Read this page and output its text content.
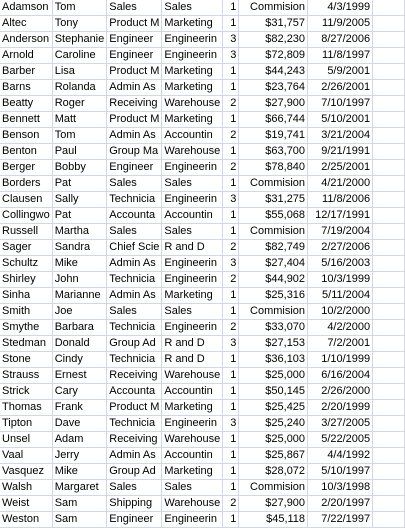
Adamson	Tom	Sales	Sales	1	Commision	4/3/1999	
Altec	Tony	Product M	Marketing	1	$31,757	11/9/2005	
Anderson	Stephanie	Engineer	Engineerin	3	$82,230	8/27/2006	
Arnold	Caroline	Engineer	Engineerin	3	$72,809	11/8/1997	
Barber	Lisa	Product M	Marketing	1	$44,243	5/9/2001	
Barns	Rolanda	Admin As	Marketing	1	$23,764	2/26/2001	
Beatty	Roger	Receiving	Warehouse	2	$27,900	7/10/1997	
Bennett	Matt	Product M	Marketing	1	$66,744	5/10/2001	
Benson	Tom	Admin As	Accountin	2	$19,741	3/21/2004	
Benton	Paul	Group Ma	Warehouse	1	$63,700	9/21/1991	
Berger	Bobby	Engineer	Engineerin	2	$78,840	2/25/2001	
Borders	Pat	Sales	Sales	1	Commision	4/21/2000	
Clausen	Sally	Technicia	Engineerin	3	$31,275	11/8/2006	
Collingwo	Pat	Accounta	Accountin	1	$55,068	12/17/1991	
Russell	Martha	Sales	Sales	1	Commision	7/19/2004	
Sager	Sandra	Chief Scie	R and D	2	$82,749	2/27/2006	
Schultz	Mike	Admin As	Engineerin	3	$27,404	5/16/2003	
Shirley	John	Technicia	Engineerin	2	$44,902	10/3/1999	
Sinha	Marianne	Admin As	Marketing	1	$25,316	5/11/2004	
Smith	Joe	Sales	Sales	1	Commision	10/2/2000	
Smythe	Barbara	Technicia	Engineerin	2	$33,070	4/2/2000	
Stedman	Donald	Group Ad	R and D	3	$27,153	7/2/2001	
Stone	Cindy	Technicia	R and D	1	$36,103	1/10/1999	
Strauss	Ernest	Receiving	Warehouse	1	$25,000	6/16/2004	
Strick	Cary	Accounta	Accountin	1	$50,145	2/26/2000	
Thomas	Frank	Product M	Marketing	1	$25,425	2/20/1999	
Tipton	Dave	Technicia	Engineerin	3	$25,240	3/27/2005	
Unsel	Adam	Receiving	Warehouse	1	$25,000	5/22/2005	
Vaal	Jerry	Admin As	Accountin	1	$25,867	4/4/1992	
Vasquez	Mike	Group Ad	Marketing	1	$28,072	5/10/1997	
Walsh	Margaret	Sales	Sales	1	Commision	10/3/1998	
Weist	Sam	Shipping	Warehouse	2	$27,900	2/20/1997	
Weston	Sam	Engineer	Engineerin	1	$45,118	7/22/1997	
